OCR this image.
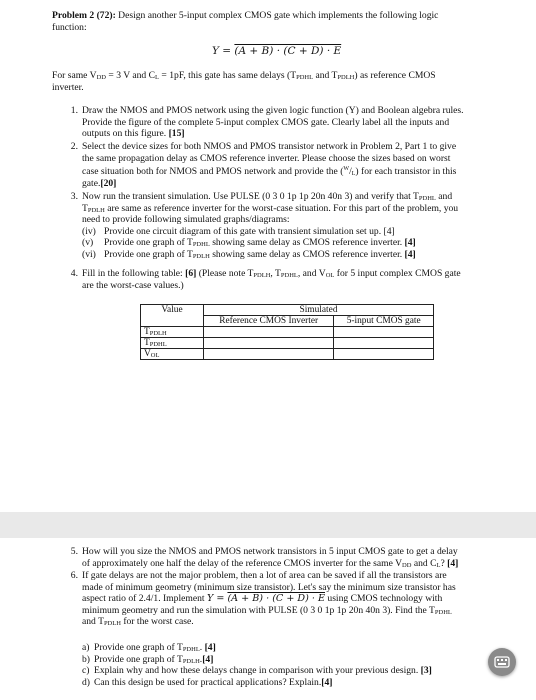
Problem 2 (72): Design another 5-input complex CMOS gate which implements the following logic
function:
Y = (A + B) · (C + D) · E
For same $V_{DD} = 3$ V and $C_L = 1pF$, this gate has same delays ($T_{PDHL}$ and $T_{PDLH}$) as reference CMOS
inverter.
1. Draw the NMOS and PMOS network using the given logic function (Y) and Boolean algebra rules.
Provide the figure of the complete 5-input complex CMOS gate. Clearly label all the inputs and
outputs on this figure. [15]
2. Select the device sizes for both NMOS and PMOS transistor network in Problem 2, Part 1 to give
the same propagation delay as CMOS reference inverter. Please choose the sizes based on worst
case situation both for NMOS and PMOS network and provide the $(^W/_L)$ for each transistor in this
gate.[20]
3. Now run the transient simulation. Use PULSE (0 3 0 1p 1p 20n 40n 3) and verify that $T_{PDHL}$ and
$T_{PDLH}$ are same as reference inverter for the worst-case situation. For this part of the problem, you
need to provide following simulated graphs/diagrams:
(iv) Provide one circuit diagram of this gate with transient simulation set up. [4]
(v) Provide one graph of $T_{PDHL}$ showing same delay as CMOS reference inverter. [4]
(vi) Provide one graph of $T_{PDLH}$ showing same delay as CMOS reference inverter. [4]
4. Fill in the following table: [6] (Please note $T_{PDLH}$, $T_{PDHL}$, and $V_{OL}$ for 5 input complex CMOS gate
are the worst-case values.)
Value	Simulated	
	Reference CMOS Inverter	5-input CMOS gate
$T_{PDLH}$		
$T_{PDHL}$		
$V_{OL}$		
5. How will you size the NMOS and PMOS network transistors in 5 input CMOS gate to get a delay
of approximately one half the delay of the reference CMOS inverter for the same $V_{DD}$ and $C_L$? [4]
6. If gate delays are not the major problem, then a lot of area can be saved if all the transistors are
made of minimum geometry (minimum size transistor). Let's say the minimum size transistor has
aspect ratio of 2.4/1. Implement Y = (A + B) · (C + D) · E using CMOS technology with
minimum geometry and run the simulation with PULSE (0 3 0 1p 1p 20n 40n 3). Find the $T_{PDHL}$
and $T_{PDLH}$ for the worst case.
a) Provide one graph of $T_{PDHL}$. [4]
b) Provide one graph of $T_{PDLH}.[4]$
c) Explain why and how these delays change in comparison with your previous design. [3]
d) Can this design be used for practical applications? Explain.[4]
